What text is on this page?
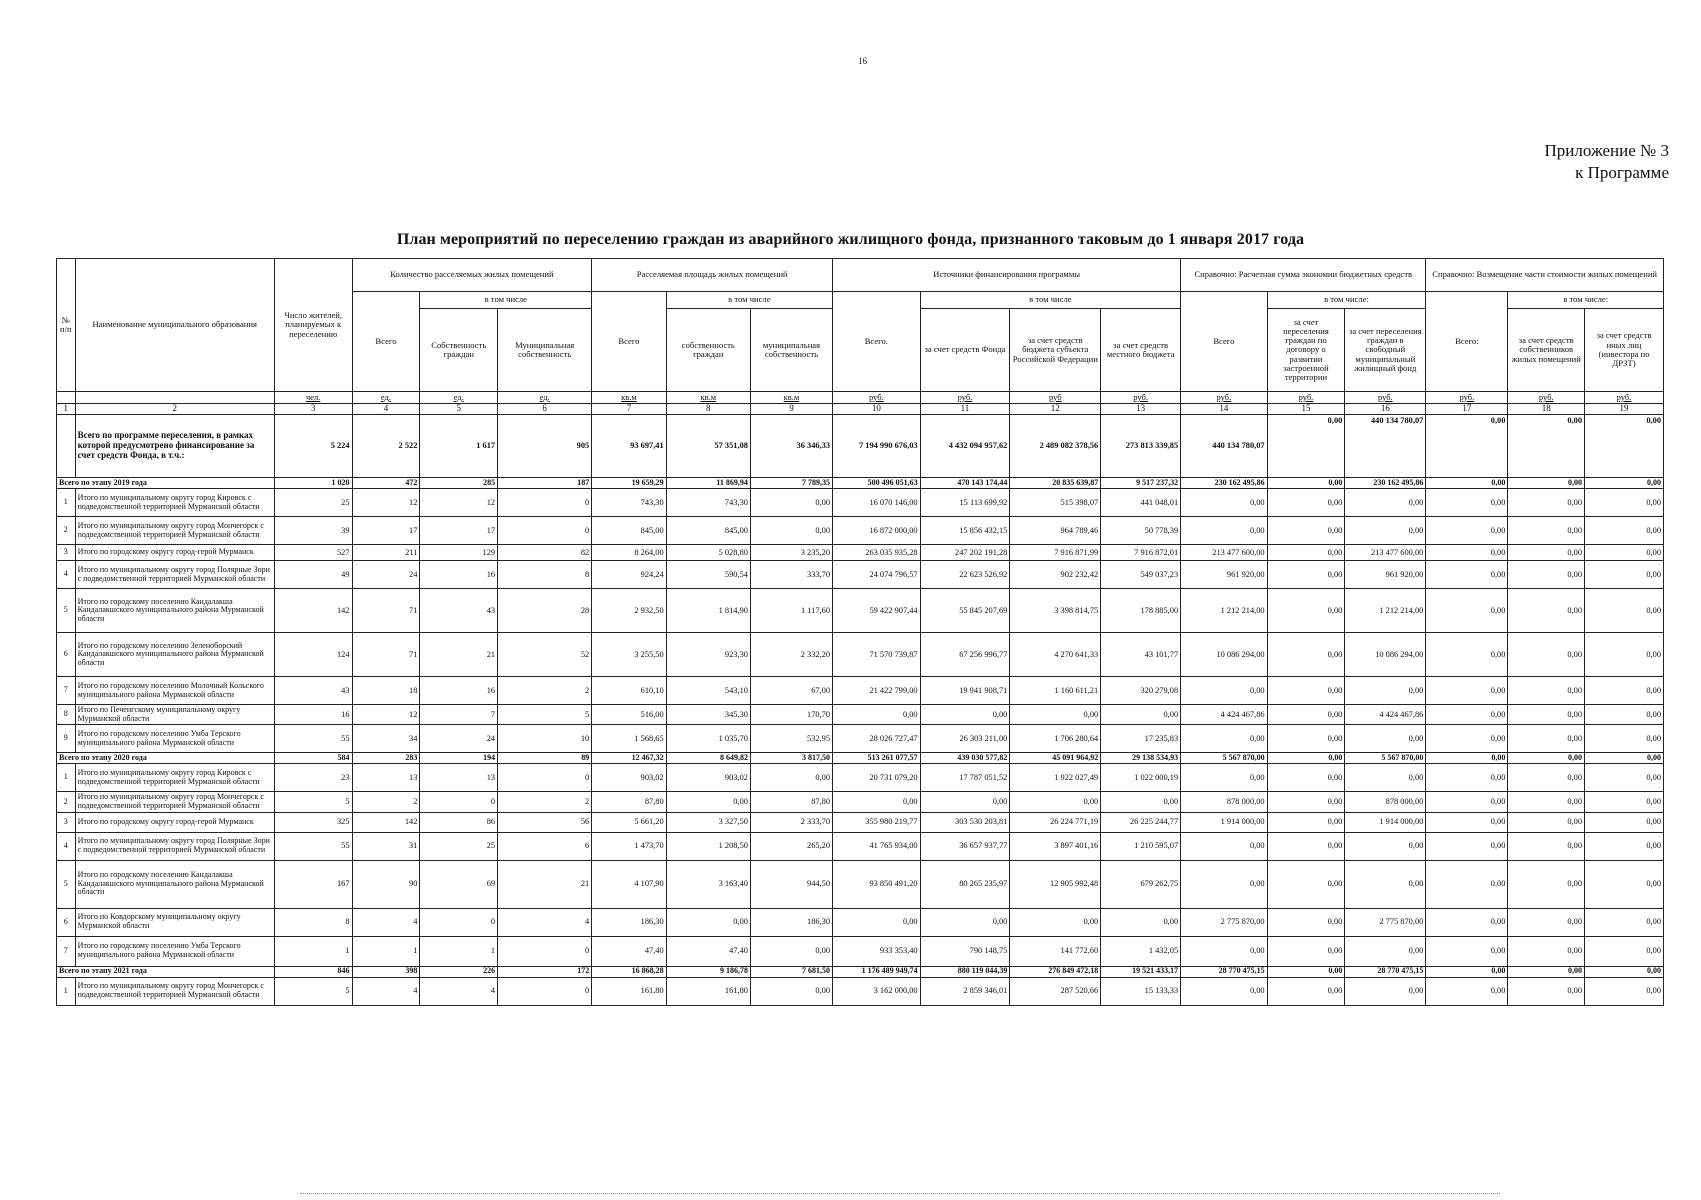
16
Приложение № 3
к Программе
План мероприятий по переселению граждан из аварийного жилищного фонда, признанного таковым до 1 января 2017 года
№ п/п	Наименование муниципального образования	Число жителей, планируемых к переселению	Количество расселяемых жилых помещений			Расселяемая площадь жилых помещений			Источники финансирования программы				Справочно: Расчетная сумма экономии бюджетных средств			Справочно: Возмещение части стоимости жилых помещений		
			Всего	в том числе		Всего	в том числе		Всего.	в том числе			Всего	в том числе:		Всего:	в том числе:	
				Собственность граждан	Муниципальная собственность		собственность граждан	муниципальная собственность		за счет средств Фонда	за счет средств бюджета субъекта Российской Федерации	за счет средств местного бюджета		за счет переселения граждан по договору о развитии застроенной территории	за счет переселения граждан в свободный муниципальный жилищный фонд		за счет средств собственников жилых помещений	за счет средств иных лиц (инвестора по ДРЗТ)
		чел.	ед.	ед.	ед.	кв.м	кв.м	кв.м	руб.	руб.	руб	руб.	руб.	руб.	руб.	руб.	руб.	руб.
1	2	3	4	5	6	7	8	9	10	11	12	13	14	15	16	17	18	19
	Всего по программе переселения, в рамках которой предусмотрено финансирование за счет средств Фонда, в т.ч.:	5 224	2 522	1 617	905	93 697,41	57 351,08	36 346,33	7 194 990 676,03	4 432 094 957,62	2 489 082 378,56	273 813 339,85	440 134 780,07	0,00	440 134 780,07	0,00	0,00	0,00
Всего по этапу 2019 года		1 020	472	285	187	19 659,29	11 869,94	7 789,35	500 496 051,63	470 143 174,44	20 835 639,87	9 517 237,32	230 162 495,86	0,00	230 162 495,86	0,00	0,00	0,00
1	Итого по муниципальному округу город Кировск с подведомственной территорией Мурманской области	25	12	12	0	743,30	743,30	0,00	16 070 146,00	15 113 699,92	515 398,07	441 048,01	0,00	0,00	0,00	0,00	0,00	0,00
2	Итого по муниципальному округу город Мончегорск с подведомственной территорией Мурманской области	39	17	17	0	845,00	845,00	0,00	16 872 000,00	15 856 432,15	964 789,46	50 778,39	0,00	0,00	0,00	0,00	0,00	0,00
3	Итого по городскому округу город-герой Мурманск	527	211	129	82	8 264,00	5 028,80	3 235,20	263 035 935,28	247 202 191,28	7 916 871,99	7 916 872,01	213 477 600,00	0,00	213 477 600,00	0,00	0,00	0,00
4	Итого по муниципальному округу город Полярные Зори с подведомственной территорией Мурманской области	49	24	16	8	924,24	590,54	333,70	24 074 796,57	22 623 526,92	902 232,42	549 037,23	961 920,00	0,00	961 920,00	0,00	0,00	0,00
5	Итого по городскому поселению Кандалакша Кандалакшского муниципального района Мурманской области	142	71	43	28	2 932,50	1 814,90	1 117,60	59 422 907,44	55 845 207,69	3 398 814,75	178 885,00	1 212 214,00	0,00	1 212 214,00	0,00	0,00	0,00
6	Итого по городскому поселению Зеленоборский Кандалакшского муниципального района Мурманской области	124	71	21	52	3 255,50	923,30	2 332,20	71 570 739,87	67 256 996,77	4 270 641,33	43 101,77	10 086 294,00	0,00	10 086 294,00	0,00	0,00	0,00
7	Итого по городскому поселению Молочный Кольского муниципального района Мурманской области	43	18	16	2	610,10	543,10	67,00	21 422 799,00	19 941 908,71	1 160 611,21	320 279,08	0,00	0,00	0,00	0,00	0,00	0,00
8	Итого по Печенгскому муниципальному округу Мурманской области	16	12	7	5	516,00	345,30	170,70	0,00	0,00	0,00	0,00	4 424 467,86	0,00	4 424 467,86	0,00	0,00	0,00
9	Итого по городскому поселению Умба Терского муниципального района Мурманской области	55	34	24	10	1 568,65	1 035,70	532,95	28 026 727,47	26 303 211,00	1 706 280,64	17 235,83	0,00	0,00	0,00	0,00	0,00	0,00
Всего по этапу 2020 года		584	283	194	89	12 467,32	8 649,82	3 817,50	513 261 077,57	439 030 577,82	45 091 964,92	29 138 534,93	5 567 870,00	0,00	5 567 870,00	0,00	0,00	0,00
1	Итого по муниципальному округу город Кировск с подведомственной территорией Мурманской области	23	13	13	0	903,02	903,02	0,00	20 731 079,20	17 787 051,52	1 922 027,49	1 022 000,19	0,00	0,00	0,00	0,00	0,00	0,00
2	Итого по муниципальному округу город Мончегорск с подведомственной территорией Мурманской области	5	2	0	2	87,80	0,00	87,80	0,00	0,00	0,00	0,00	878 000,00	0,00	878 000,00	0,00	0,00	0,00
3	Итого по городскому округу город-герой Мурманск	325	142	86	56	5 661,20	3 327,50	2 333,70	355 980 219,77	303 530 203,81	26 224 771,19	26 225 244,77	1 914 000,00	0,00	1 914 000,00	0,00	0,00	0,00
4	Итого по муниципальному округу город Полярные Зори с подведомственной территорией Мурманской области	55	31	25	6	1 473,70	1 208,50	265,20	41 765 934,00	36 657 937,77	3 897 401,16	1 210 595,07	0,00	0,00	0,00	0,00	0,00	0,00
5	Итого по городскому поселению Кандалакша Кандалакшского муниципального района Мурманской области	167	90	69	21	4 107,90	3 163,40	944,50	93 850 491,20	80 265 235,97	12 905 992,48	679 262,75	0,00	0,00	0,00	0,00	0,00	0,00
6	Итого по Ковдорскому муниципальному округу Мурманской области	8	4	0	4	186,30	0,00	186,30	0,00	0,00	0,00	0,00	2 775 870,00	0,00	2 775 870,00	0,00	0,00	0,00
7	Итого по городскому поселению Умба Терского муниципального района Мурманской области	1	1	1	0	47,40	47,40	0,00	933 353,40	790 148,75	141 772,60	1 432,05	0,00	0,00	0,00	0,00	0,00	0,00
Всего по этапу 2021 года		846	398	226	172	16 868,28	9 186,78	7 681,50	1 176 489 949,74	880 119 044,39	276 849 472,18	19 521 433,17	28 770 475,15	0,00	28 770 475,15	0,00	0,00	0,00
1	Итого по муниципальному округу город Мончегорск с подведомственной территорией Мурманской области	5	4	4	0	161,80	161,80	0,00	3 162 000,00	2 859 346,01	287 520,66	15 133,33	0,00	0,00	0,00	0,00	0,00	0,00
